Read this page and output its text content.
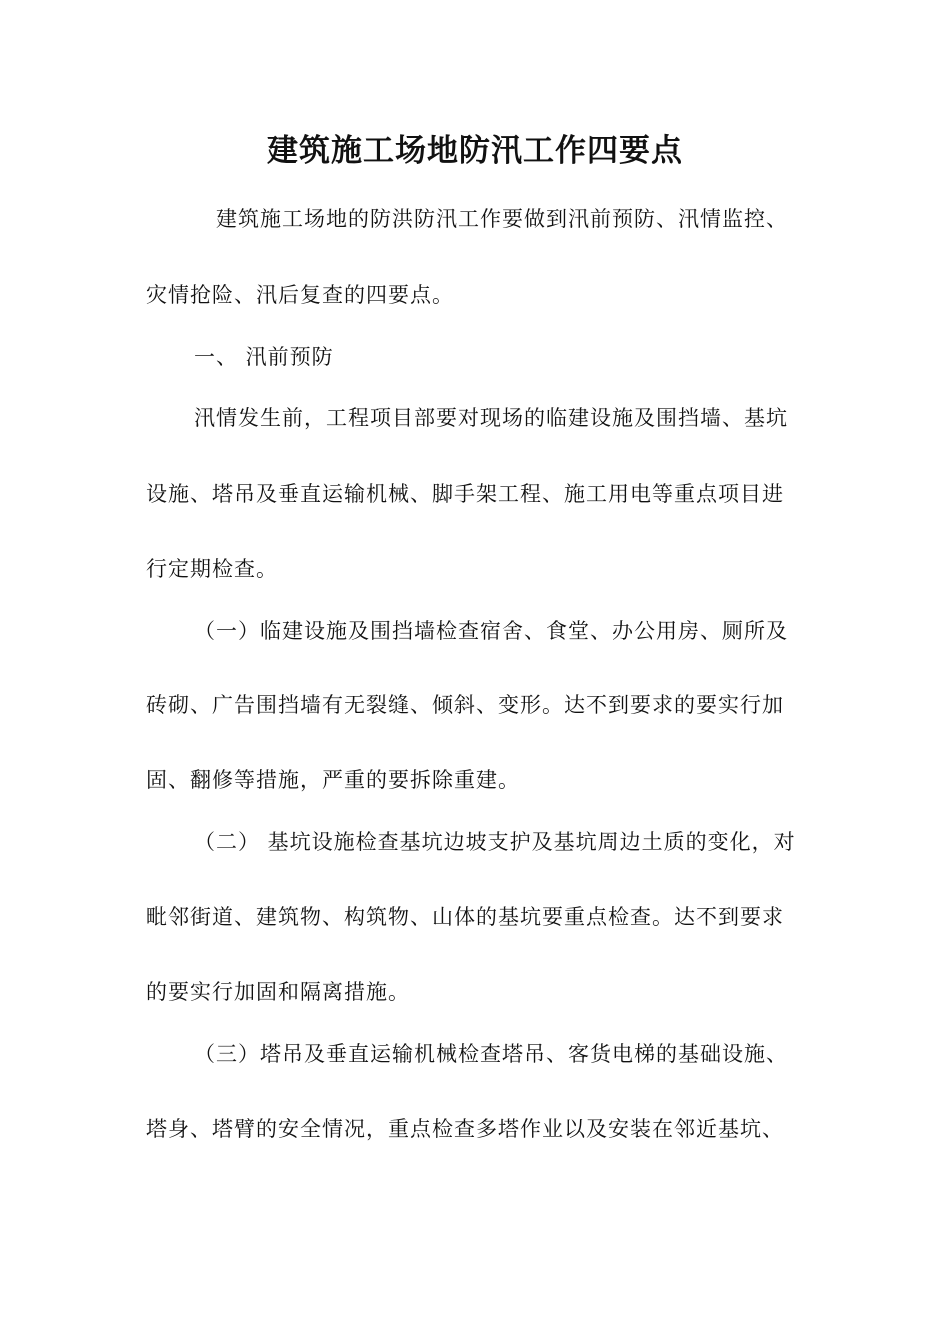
建筑施工场地防汛工作四要点

建筑施工场地的防洪防汛工作要做到汛前预防、汛情监控、

灾情抢险、汛后复查的四要点。

一、 汛前预防

汛情发生前，工程项目部要对现场的临建设施及围挡墙、基坑

设施、塔吊及垂直运输机械、脚手架工程、施工用电等重点项目进

行定期检查。

（一）临建设施及围挡墙检查宿舍、食堂、办公用房、厕所及

砖砌、广告围挡墙有无裂缝、倾斜、变形。达不到要求的要实行加

固、翻修等措施，严重的要拆除重建。

（二） 基坑设施检查基坑边坡支护及基坑周边土质的变化，对

毗邻街道、建筑物、构筑物、山体的基坑要重点检查。达不到要求

的要实行加固和隔离措施。

（三）塔吊及垂直运输机械检查塔吊、客货电梯的基础设施、

塔身、塔臂的安全情况，重点检查多塔作业以及安装在邻近基坑、
